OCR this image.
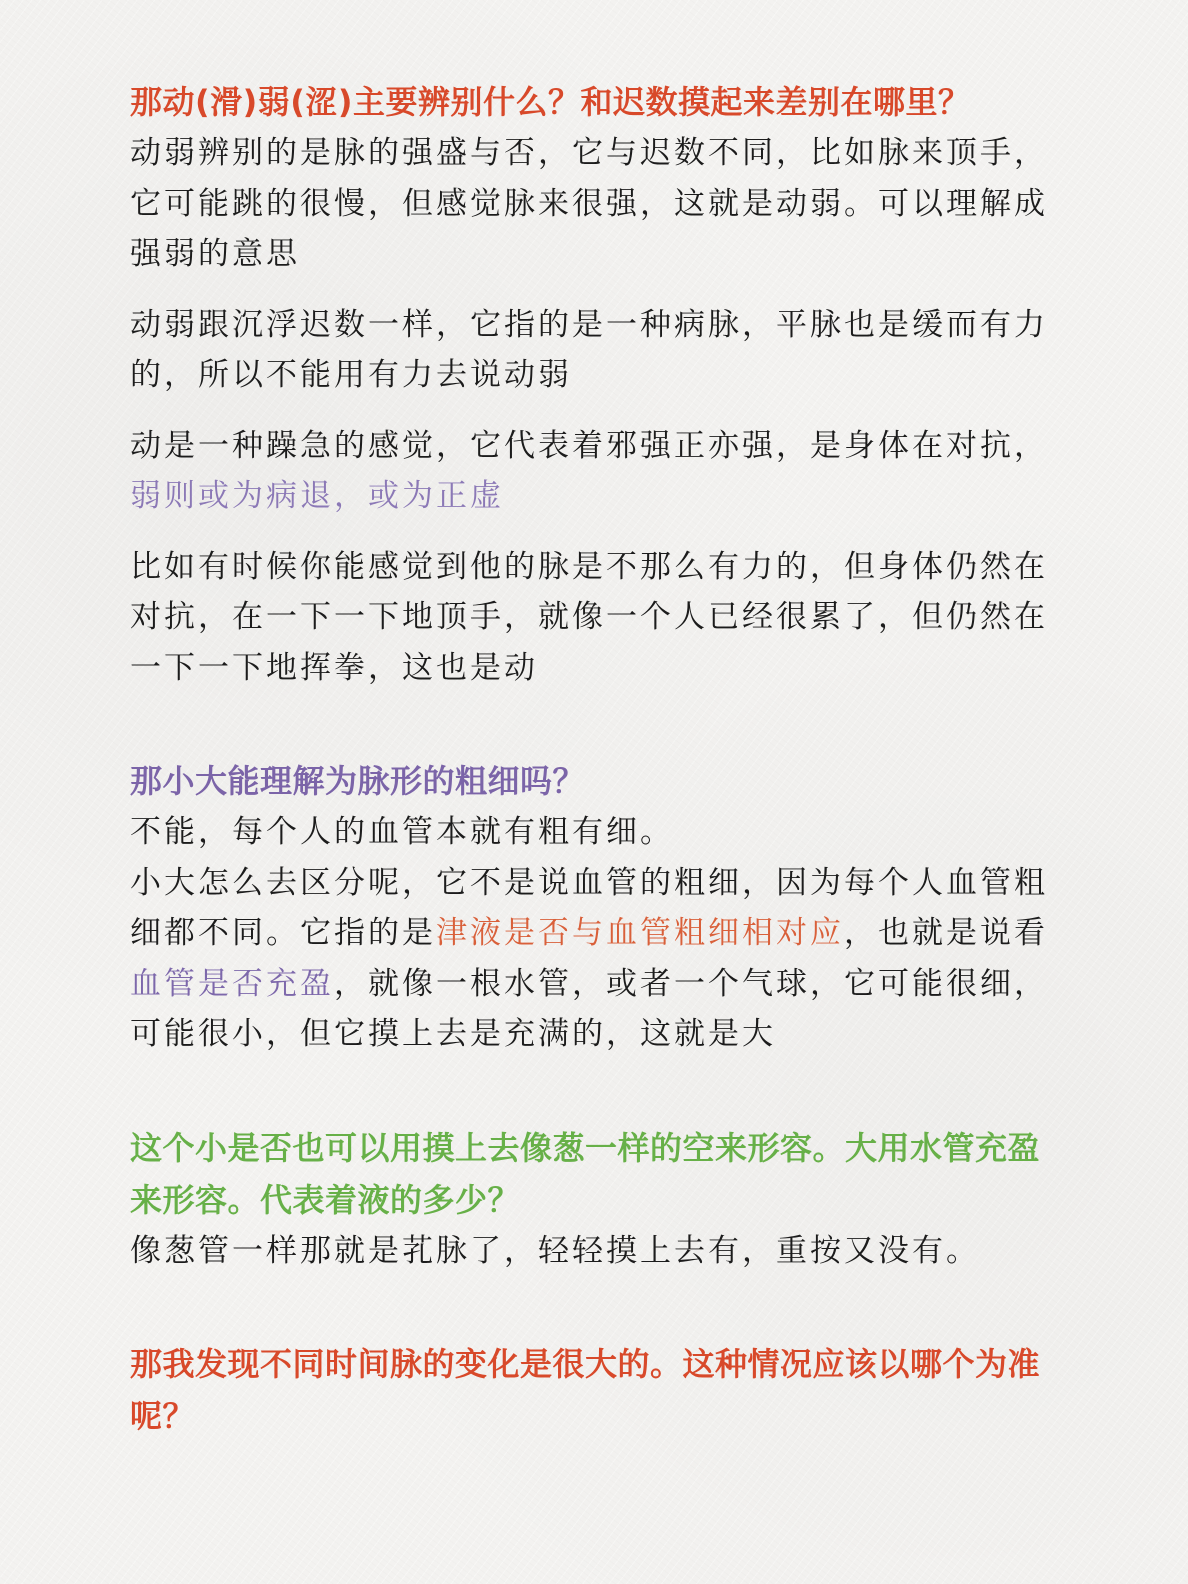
那动(滑)弱(涩)主要辨别什么？和迟数摸起来差别在哪里？

动弱辨别的是脉的强盛与否，它与迟数不同，比如脉来顶手，它可能跳的很慢，但感觉脉来很强，这就是动弱。可以理解成强弱的意思

动弱跟沉浮迟数一样，它指的是一种病脉，平脉也是缓而有力的，所以不能用有力去说动弱

动是一种躁急的感觉，它代表着邪强正亦强，是身体在对抗，弱则或为病退，或为正虚

比如有时候你能感觉到他的脉是不那么有力的，但身体仍然在对抗，在一下一下地顶手，就像一个人已经很累了，但仍然在一下一下地挥拳，这也是动

那小大能理解为脉形的粗细吗？

不能，每个人的血管本就有粗有细。

小大怎么去区分呢，它不是说血管的粗细，因为每个人血管粗细都不同。它指的是津液是否与血管粗细相对应，也就是说看血管是否充盈，就像一根水管，或者一个气球，它可能很细，可能很小，但它摸上去是充满的，这就是大

这个小是否也可以用摸上去像葱一样的空来形容。大用水管充盈来形容。代表着液的多少？

像葱管一样那就是芤脉了，轻轻摸上去有，重按又没有。

那我发现不同时间脉的变化是很大的。这种情况应该以哪个为准呢？
